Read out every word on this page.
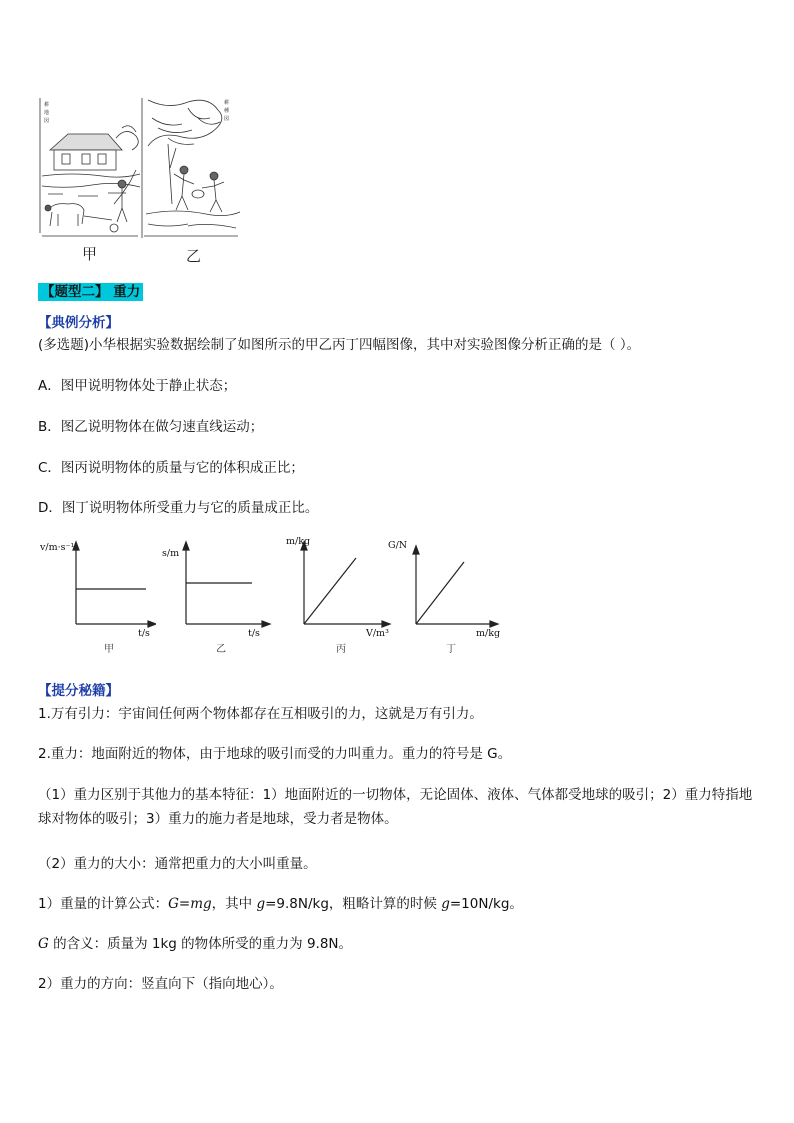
耕
地
図
耕
種
図
甲	乙
【题型二】 重力
【典例分析】
(多选题)小华根据实验数据绘制了如图所示的甲乙丙丁四幅图像，其中对实验图像分析正确的是（ ）。
A．图甲说明物体处于静止状态；
B．图乙说明物体在做匀速直线运动；
C．图丙说明物体的质量与它的体积成正比；
D．图丁说明物体所受重力与它的质量成正比。
v/m·s⁻¹
t/s
甲
s/m
t/s
乙
m/kg
V/m³
丙
G/N
m/kg
丁
【提分秘籍】
1.万有引力：宇宙间任何两个物体都存在互相吸引的力，这就是万有引力。
2.重力：地面附近的物体，由于地球的吸引而受的力叫重力。重力的符号是 G。
（1）重力区别于其他力的基本特征：1）地面附近的一切物体，无论固体、液体、气体都受地球的吸引；2）重力特指地球对物体的吸引；3）重力的施力者是地球，受力者是物体。
（2）重力的大小：通常把重力的大小叫重量。
1）重量的计算公式：G=mg，其中 g=9.8N/kg，粗略计算的时候 g=10N/kg。
G 的含义：质量为 1kg 的物体所受的重力为 9.8N。
2）重力的方向：竖直向下（指向地心）。
